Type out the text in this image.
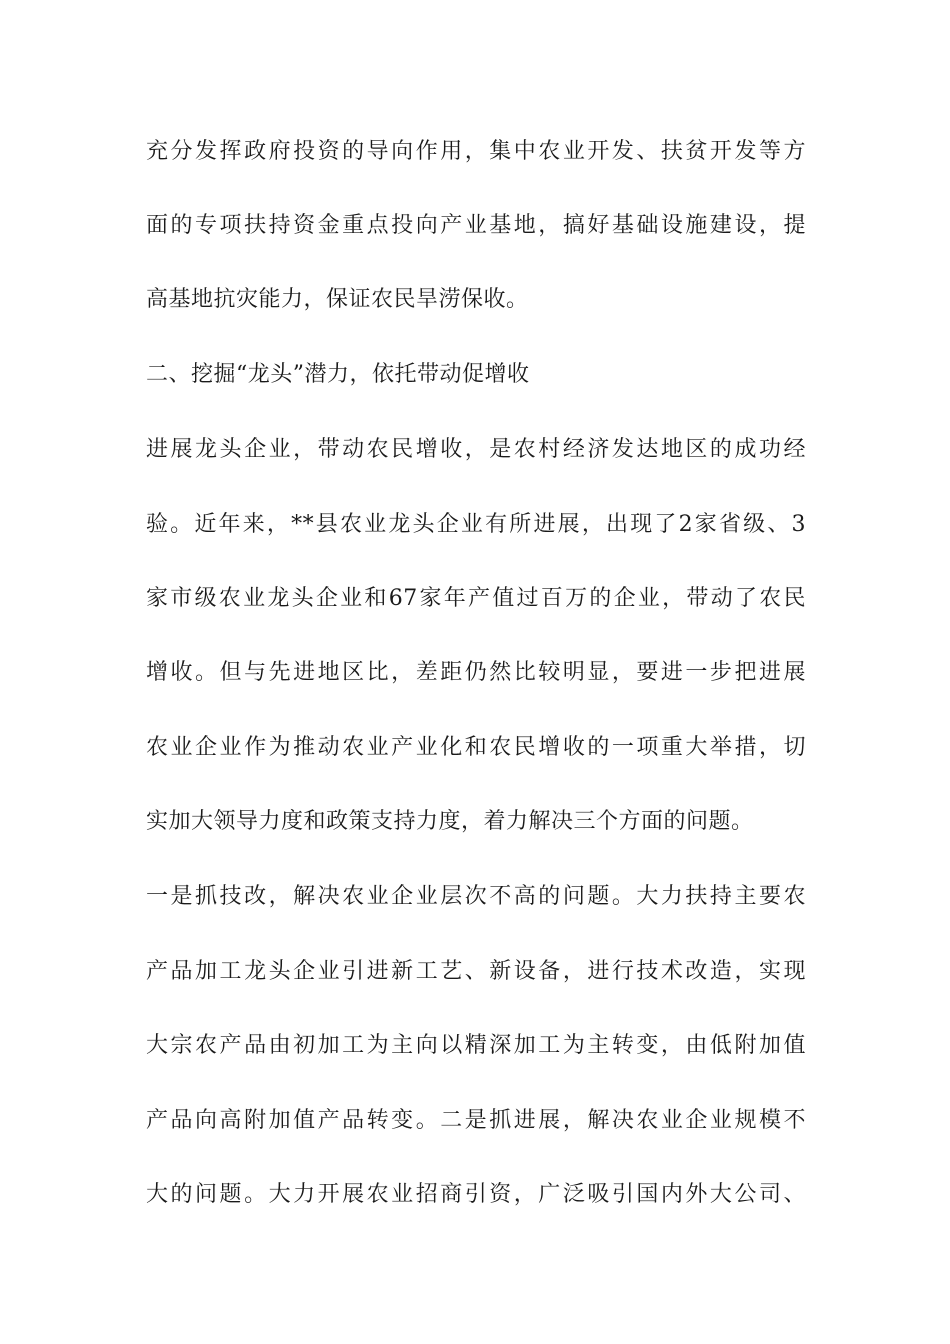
充分发挥政府投资的导向作用，集中农业开发、扶贫开发等方
面的专项扶持资金重点投向产业基地，搞好基础设施建设，提
高基地抗灾能力，保证农民旱涝保收。
二、挖掘“龙头”潜力，依托带动促增收
进展龙头企业，带动农民增收，是农村经济发达地区的成功经
验。近年来，**县农业龙头企业有所进展，出现了2家省级、3
家市级农业龙头企业和67家年产值过百万的企业，带动了农民
增收。但与先进地区比，差距仍然比较明显，要进一步把进展
农业企业作为推动农业产业化和农民增收的一项重大举措，切
实加大领导力度和政策支持力度，着力解决三个方面的问题。
一是抓技改，解决农业企业层次不高的问题。大力扶持主要农
产品加工龙头企业引进新工艺、新设备，进行技术改造，实现
大宗农产品由初加工为主向以精深加工为主转变，由低附加值
产品向高附加值产品转变。二是抓进展，解决农业企业规模不
大的问题。大力开展农业招商引资，广泛吸引国内外大公司、
